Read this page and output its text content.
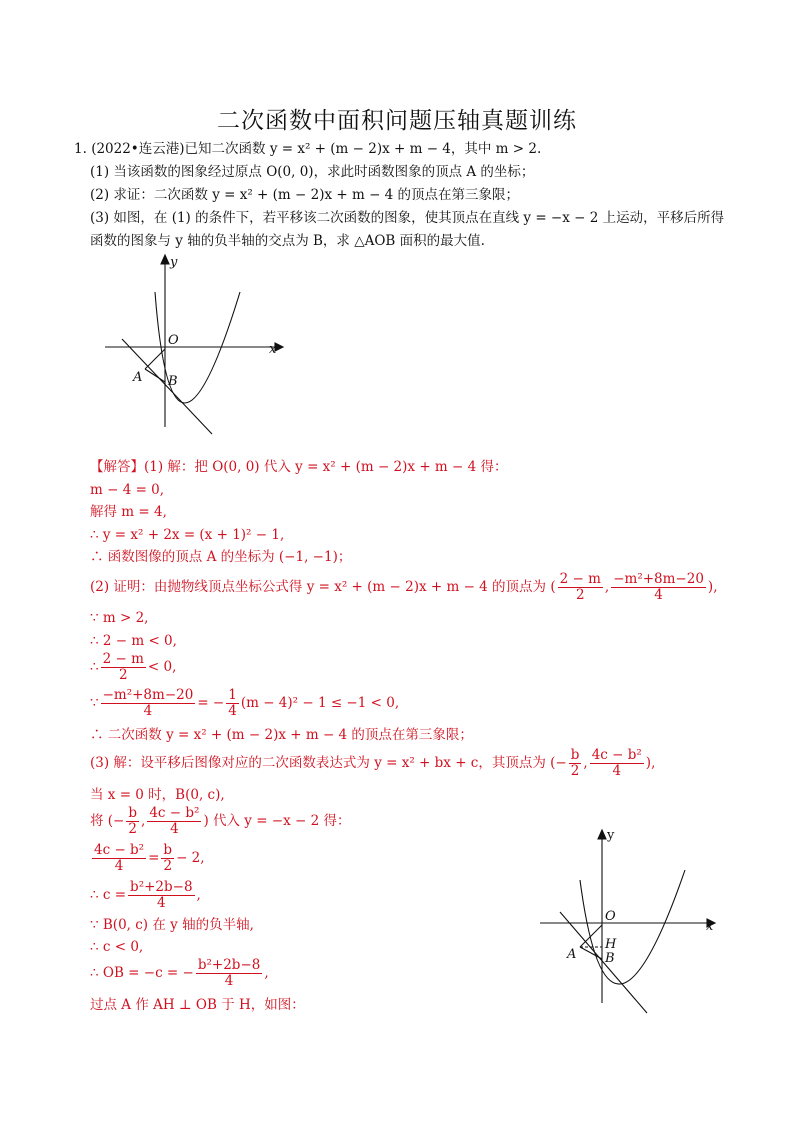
二次函数中面积问题压轴真题训练
1. (2022•连云港)已知二次函数 y = x² + (m − 2)x + m − 4，其中 m > 2.
(1) 当该函数的图象经过原点 O(0, 0)，求此时函数图象的顶点 A 的坐标；
(2) 求证：二次函数 y = x² + (m − 2)x + m − 4 的顶点在第三象限；
(3) 如图，在 (1) 的条件下，若平移该二次函数的图象，使其顶点在直线 y = −x − 2 上运动，平移后所得
函数的图象与 y 轴的负半轴的交点为 B，求 △AOB 面积的最大值.
y
x
O
A B
【解答】(1) 解：把 O(0, 0) 代入 y = x² + (m − 2)x + m − 4 得：
m − 4 = 0,
解得 m = 4,
∴ y = x² + 2x = (x + 1)² − 1,
∴ 函数图像的顶点 A 的坐标为 (−1, −1)；
(2) 证明：由抛物线顶点坐标公式得 y = x² + (m − 2)x + m − 4 的顶点为 ( $\frac{2 - m}{2}$ , $\frac{\text{−m²+8m−20}}{4}$ ),
∵ m > 2,
∴ 2 − m < 0,
∴ $\frac{2 - m}{2} < 0$,
∵ $\frac{\text{−m²+8m−20}}{4}$ = − $\frac{1}{4} (m - 4)^2 - 1 \le -1 < 0$,
∴ 二次函数 y = x² + (m − 2)x + m − 4 的顶点在第三象限；
(3) 解：设平移后图像对应的二次函数表达式为 y = x² + bx + c，其顶点为 (− $\frac{b}{2}$ , $\frac{\text{4c − b²}}{4}$ ),
当 x = 0 时，B(0, c),
将 (− $\frac{b}{2}$ , $\frac{\text{4c − b²}}{4}$ ) 代入 y = −x − 2 得：
$\frac{\text{4c − b²}}{4} = \frac{b}{2} - 2$,
∴ $c = \frac{\text{b²+2b−8}}{4}$ ,
∵ B(0, c) 在 y 轴的负半轴,
∴ c < 0,
∴ OB = −c = − $\frac{\text{b²+2b−8}}{4}$ ,
过点 A 作 AH ⊥ OB 于 H，如图：
y
x
O
A
H
B
